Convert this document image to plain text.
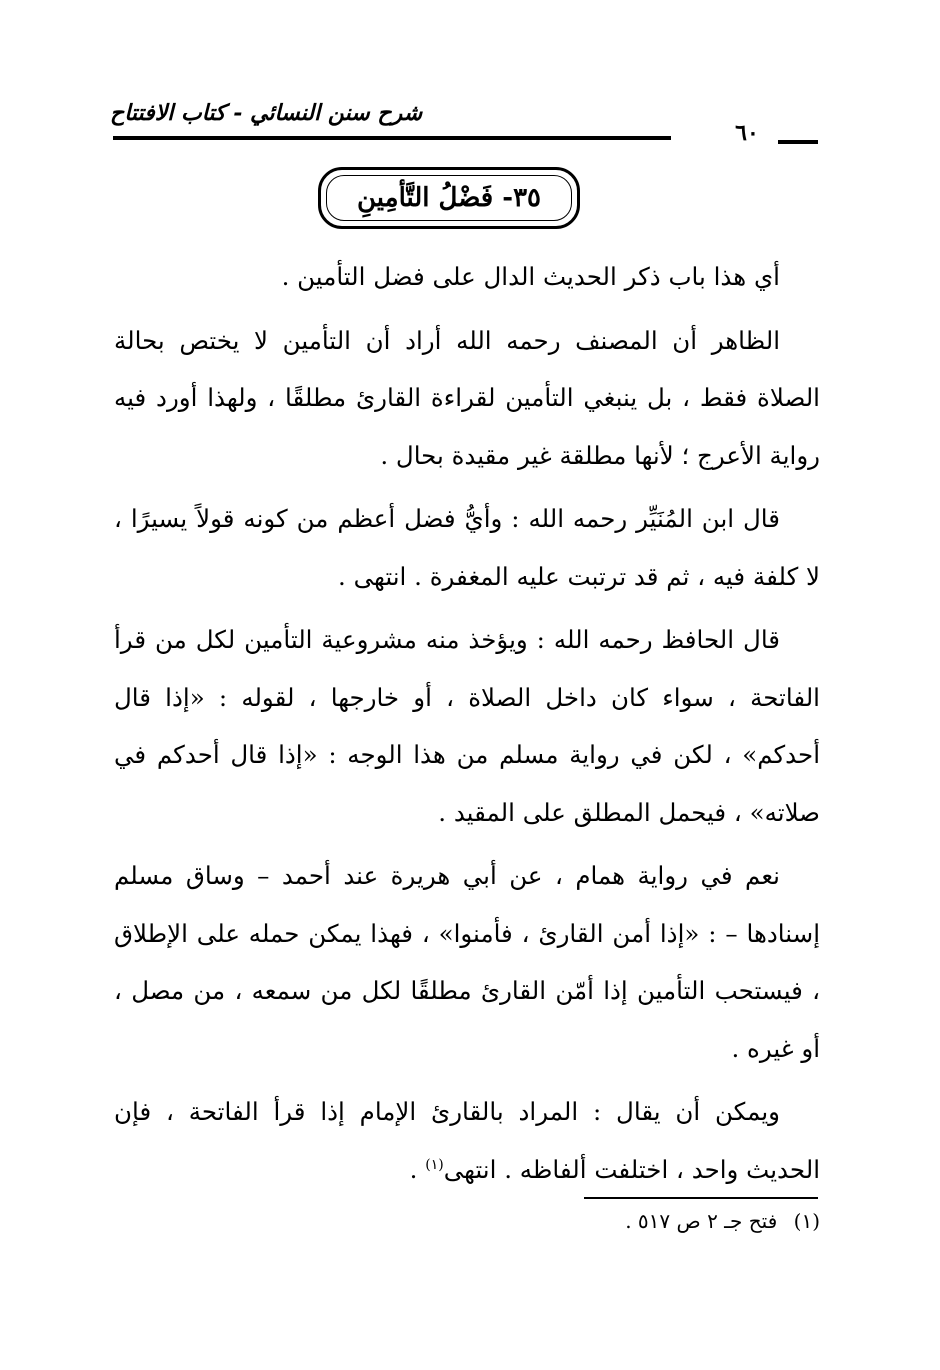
شرح سنن النسائي - كتاب الافتتاح
٦٠
٣٥- فَضْلُ التَّأمِينِ

أي هذا باب ذكر الحديث الدال على فضل التأمين .

الظاهر أن المصنف رحمه الله أراد أن التأمين لا يختص بحالة الصلاة فقط ، بل ينبغي التأمين لقراءة القارئ مطلقًا ، ولهذا أورد فيه رواية الأعرج ؛ لأنها مطلقة غير مقيدة بحال .

قال ابن المُنَيِّر رحمه الله : وأيُّ فضل أعظم من كونه قولاً يسيرًا ، لا كلفة فيه ، ثم قد ترتبت عليه المغفرة . انتهى .

قال الحافظ رحمه الله : ويؤخذ منه مشروعية التأمين لكل من قرأ الفاتحة ، سواء كان داخل الصلاة ، أو خارجها ، لقوله : «إذا قال أحدكم» ، لكن في رواية مسلم من هذا الوجه : «إذا قال أحدكم في صلاته» ، فيحمل المطلق على المقيد .

نعم في رواية همام ، عن أبي هريرة عند أحمد – وساق مسلم إسنادها – : «إذا أمن القارئ ، فأمنوا» ، فهذا يمكن حمله على الإطلاق ، فيستحب التأمين إذا أمّن القارئ مطلقًا لكل من سمعه ، من مصل ، أو غيره .

ويمكن أن يقال : المراد بالقارئ الإمام إذا قرأ الفاتحة ، فإن الحديث واحد ، اختلفت ألفاظه . انتهى$^{(١)}$ .

(١) فتح جـ ٢ ص ٥١٧ .
